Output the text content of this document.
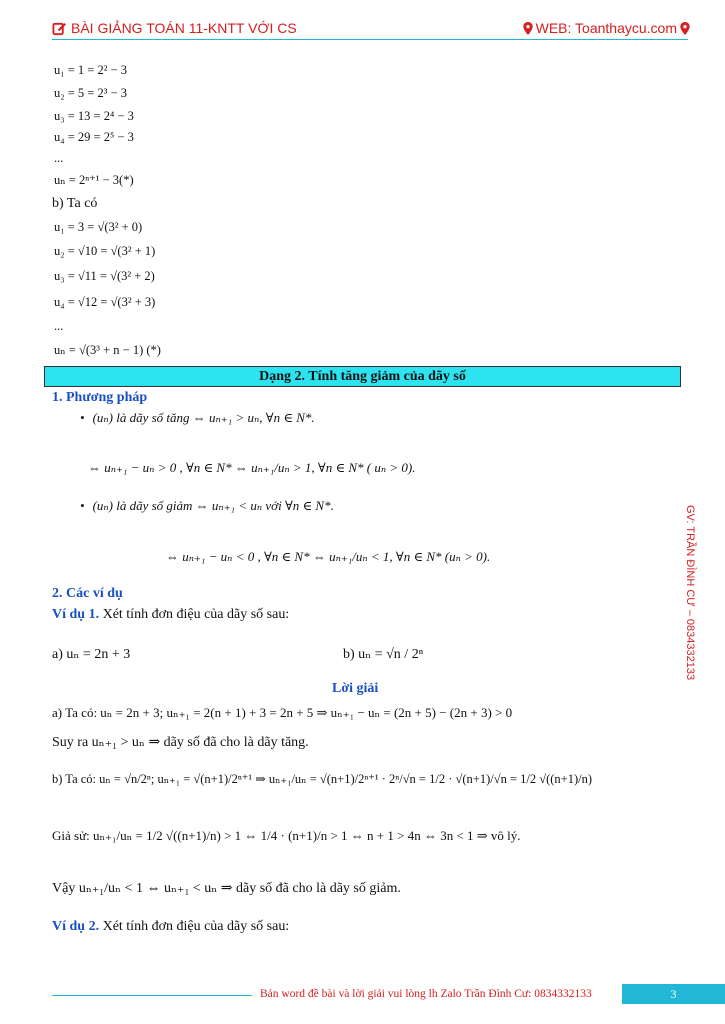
BÀI GIẢNG TOÁN 11-KNTT VỚI CS	WEB: Toanthaycu.com
u₁ = 1 = 2² − 3
u₂ = 5 = 2³ − 3
u₃ = 13 = 2⁴ − 3
u₄ = 29 = 2⁵ − 3
...
uₙ = 2ⁿ⁺¹ − 3(*)
b) Ta có
u₁ = 3 = √(3² + 0)
u₂ = √10 = √(3² + 1)
u₃ = √11 = √(3² + 2)
u₄ = √12 = √(3² + 3)
...
uₙ = √(3³ + n − 1) (*)
Dạng 2. Tính tăng giảm của dãy số
1. Phương pháp
• (uₙ) là dãy số tăng ⇔ uₙ₊₁ > uₙ, ∀n ∈ N*.
⇔ uₙ₊₁ − uₙ > 0 , ∀n ∈ N* ⇔ uₙ₊₁/uₙ > 1, ∀n ∈ N* ( uₙ > 0).
• (uₙ) là dãy số giảm ⇔ uₙ₊₁ < uₙ với ∀n ∈ N*.
⇔ uₙ₊₁ − uₙ < 0 , ∀n ∈ N* ⇔ uₙ₊₁/uₙ < 1, ∀n ∈ N* (uₙ > 0).
2. Các ví dụ
Ví dụ 1. Xét tính đơn điệu của dãy số sau:
a) uₙ = 2n + 3	b) uₙ = √n / 2ⁿ
Lời giải
a) Ta có: uₙ = 2n + 3; uₙ₊₁ = 2(n + 1) + 3 = 2n + 5 ⇒ uₙ₊₁ − uₙ = (2n + 5) − (2n + 3) > 0
Suy ra uₙ₊₁ > uₙ ⇒ dãy số đã cho là dãy tăng.
b) Ta có: uₙ = √n/2ⁿ; uₙ₊₁ = √(n+1)/2ⁿ⁺¹ ⇒ uₙ₊₁/uₙ = √(n+1)/2ⁿ⁺¹ · 2ⁿ/√n = 1/2 · √(n+1)/√n = 1/2 √((n+1)/n)
Giả sử: uₙ₊₁/uₙ = 1/2 √((n+1)/n) > 1 ⇔ 1/4 · (n+1)/n > 1 ⇔ n + 1 > 4n ⇔ 3n < 1 ⇒ vô lý.
Vậy uₙ₊₁/uₙ < 1 ⇔ uₙ₊₁ < uₙ ⇒ dãy số đã cho là dãy số giảm.
Ví dụ 2. Xét tính đơn điệu của dãy số sau:
GV: TRẦN ĐÌNH CƯ – 0834332133
Bản word đề bài và lời giải vui lòng lh Zalo Trần Đình Cư: 0834332133	3
